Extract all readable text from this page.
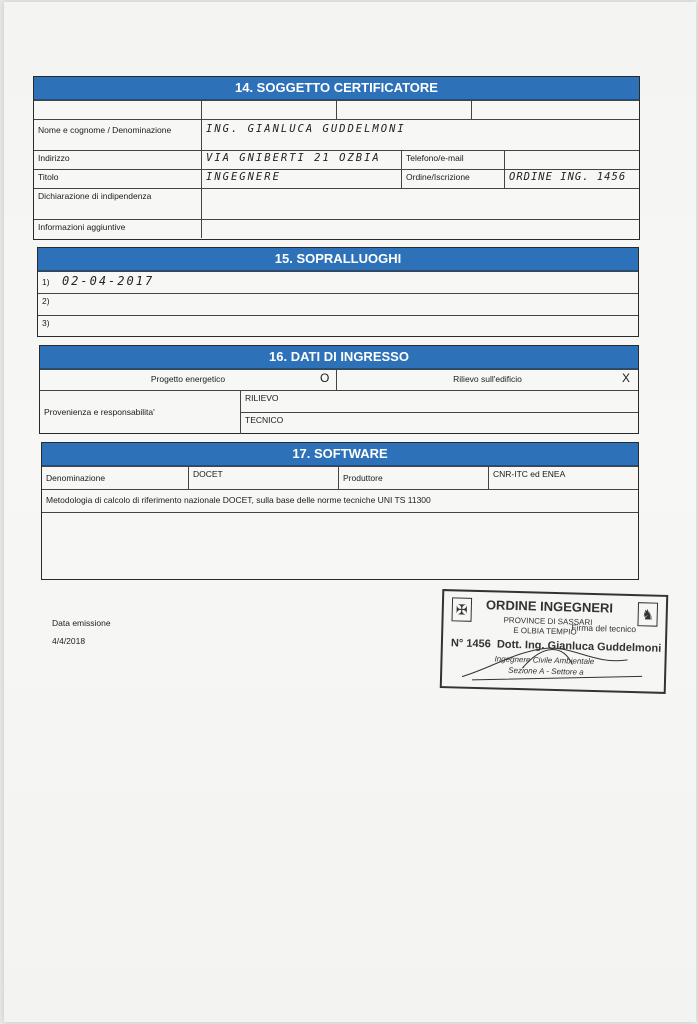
14. SOGGETTO CERTIFICATORE
Nome e cognome / Denominazione	ING. GIANLUCA GUDDELMONI
Indirizzo	VIA GNIBERTI 21 OZBIA	Telefono/e-mail
Titolo	INGEGNERE	Ordine/Iscrizione	ORDINE ING. 1456
Dichiarazione di indipendenza
Informazioni aggiuntive
15. SOPRALLUOGHI
1) 02-04-2017
2)
3)
16. DATI DI INGRESSO
Progetto energetico	O	Rilievo sull'edificio	X
Provenienza e responsabilita'
RILIEVO
TECNICO
17. SOFTWARE
Denominazione	DOCET	Produttore	CNR-ITC ed ENEA
Metodologia di calcolo di riferimento nazionale DOCET, sulla base delle norme tecniche UNI TS 11300
Data emissione
4/4/2018
✠	♞
ORDINE INGEGNERI
PROVINCE DI SASSARI
E OLBIA TEMPIO
Firma del tecnico
N° 1456 Dott. Ing. Gianluca Guddelmoni
Ingegnere Civile Ambientale
Sezione A - Settore a
